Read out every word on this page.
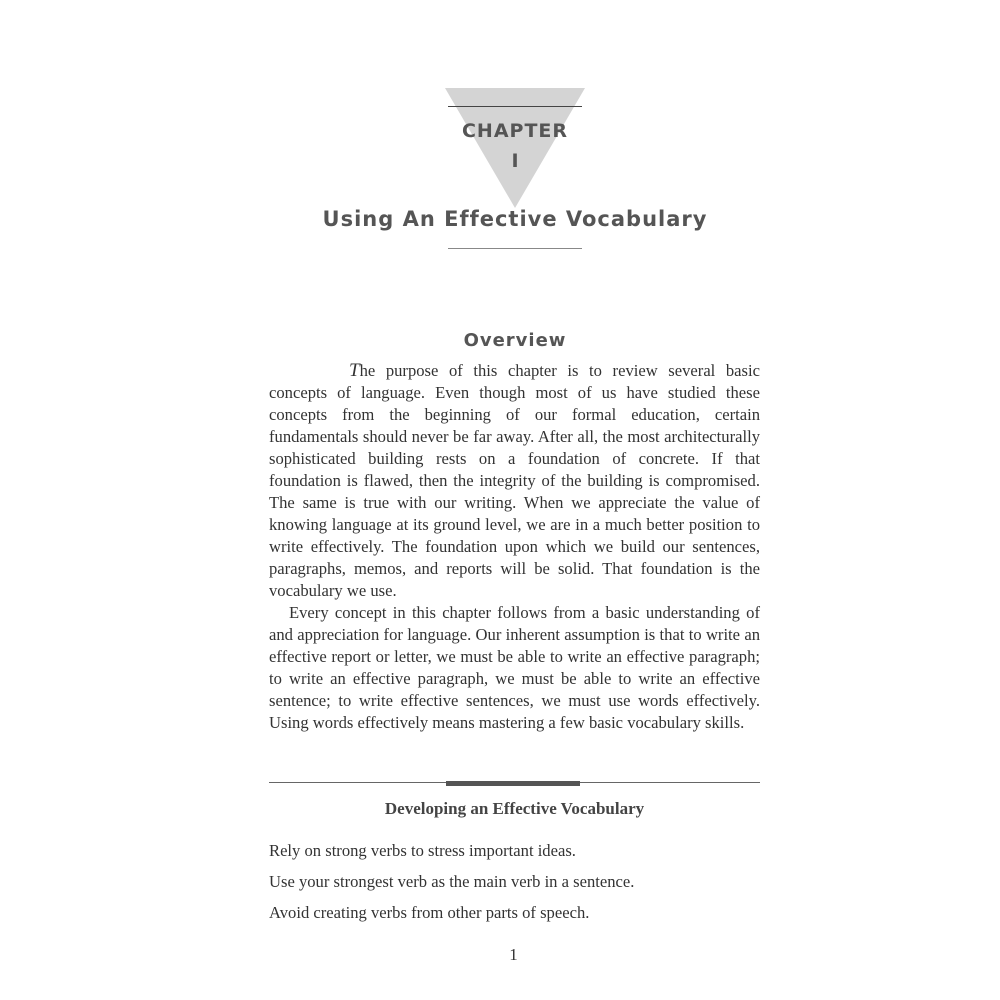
CHAPTER
I
Using An Effective Vocabulary
Overview

The purpose of this chapter is to review several basic concepts of language. Even though most of us have studied these concepts from the beginning of our formal education, certain fundamentals should never be far away. After all, the most architecturally sophisticated building rests on a foundation of concrete. If that foundation is flawed, then the integrity of the building is compromised. The same is true with our writing. When we appreciate the value of knowing language at its ground level, we are in a much better position to write effectively. The foundation upon which we build our sentences, paragraphs, memos, and reports will be solid. That foundation is the vocabulary we use.

Every concept in this chapter follows from a basic understanding of and appreciation for language. Our inherent assumption is that to write an effective report or letter, we must be able to write an effective paragraph; to write an effective paragraph, we must be able to write an effective sentence; to write effective sentences, we must use words effectively. Using words effectively means mastering a few basic vocabulary skills.

Developing an Effective Vocabulary
Rely on strong verbs to stress important ideas.
Use your strongest verb as the main verb in a sentence.
Avoid creating verbs from other parts of speech.
1
